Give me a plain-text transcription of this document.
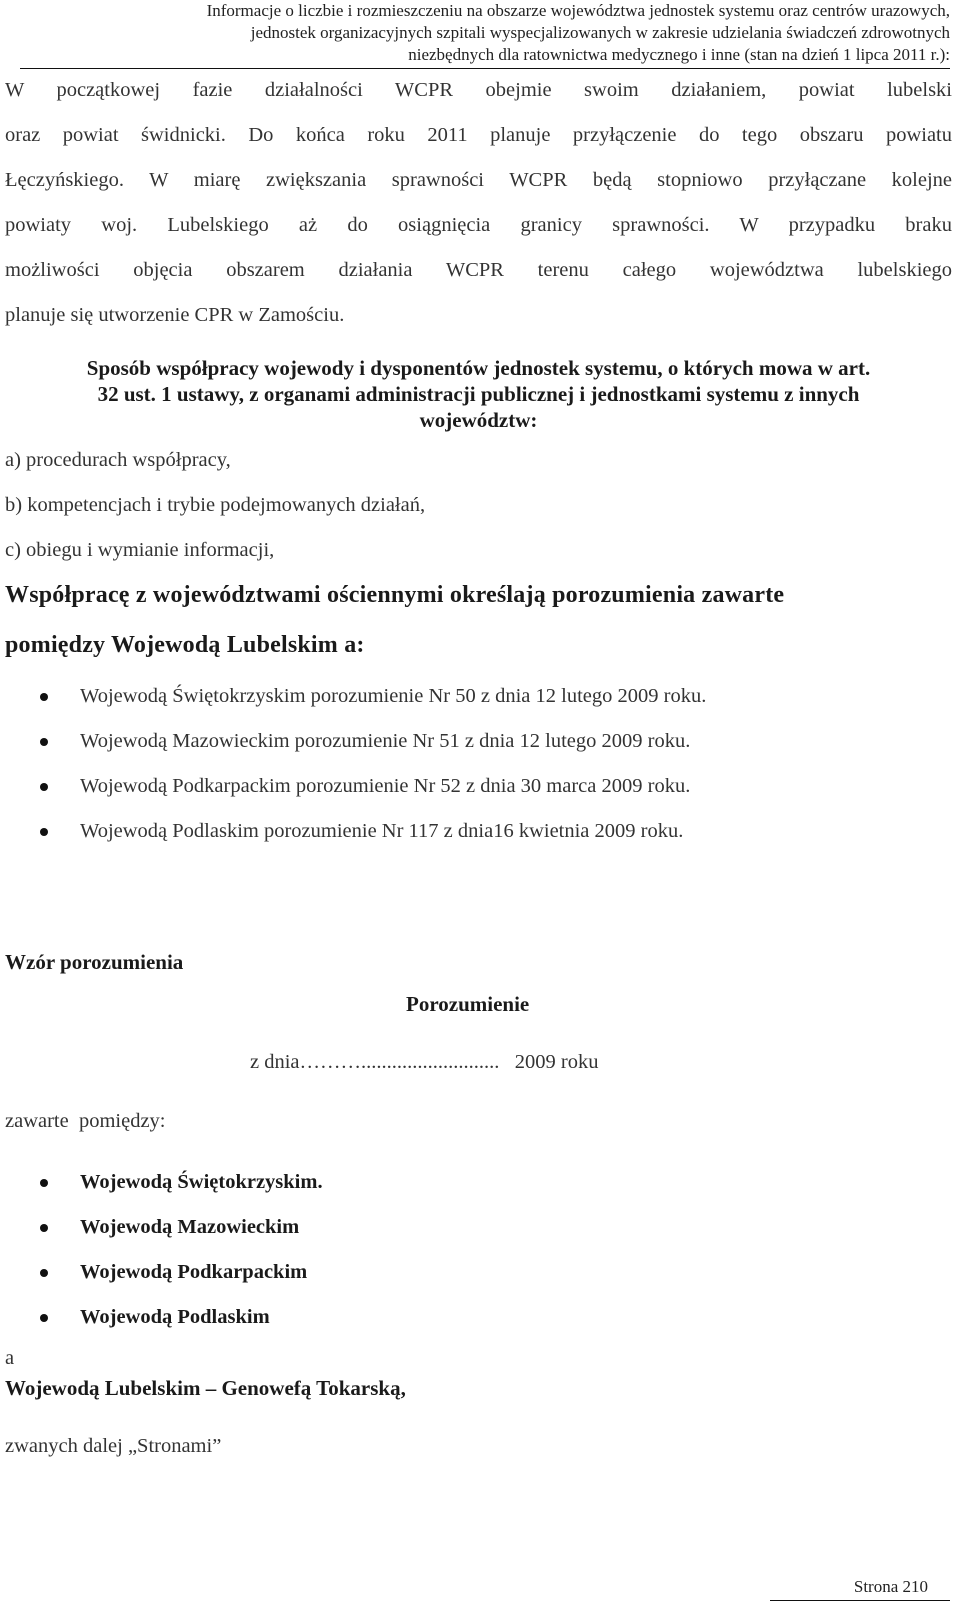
Informacje o liczbie i rozmieszczeniu na obszarze województwa jednostek systemu oraz centrów urazowych,
jednostek organizacyjnych szpitali wyspecjalizowanych w zakresie udzielania świadczeń zdrowotnych
niezbędnych dla ratownictwa medycznego i inne (stan na dzień 1 lipca 2011 r.):
W początkowej fazie działalności WCPR obejmie swoim działaniem, powiat lubelski
oraz powiat świdnicki. Do końca roku 2011 planuje przyłączenie do tego obszaru powiatu
Łęczyńskiego. W miarę zwiększania sprawności WCPR będą stopniowo przyłączane kolejne
powiaty woj. Lubelskiego aż do osiągnięcia granicy sprawności. W przypadku braku
możliwości objęcia obszarem działania WCPR terenu całego województwa lubelskiego
planuje się utworzenie CPR w Zamościu.
Sposób współpracy wojewody i dysponentów jednostek systemu, o których mowa w art.
32 ust. 1 ustawy, z organami administracji publicznej i jednostkami systemu z innych
województw:
a) procedurach współpracy,
b) kompetencjach i trybie podejmowanych działań,
c) obiegu i wymianie informacji,
Współpracę z województwami ościennymi określają porozumienia zawarte
pomiędzy Wojewodą Lubelskim a:
Wojewodą Świętokrzyskim porozumienie Nr 50 z dnia 12 lutego 2009 roku.
Wojewodą Mazowieckim porozumienie Nr 51 z dnia 12 lutego 2009 roku.
Wojewodą Podkarpackim porozumienie Nr 52 z dnia 30 marca 2009 roku.
Wojewodą Podlaskim porozumienie Nr 117 z dnia16 kwietnia 2009 roku.
Wzór porozumienia
Porozumienie
z dnia………...........................   2009 roku
zawarte  pomiędzy:
Wojewodą Świętokrzyskim.
Wojewodą Mazowieckim
Wojewodą Podkarpackim
Wojewodą Podlaskim
a
Wojewodą Lubelskim – Genowefą Tokarską,
zwanych dalej „Stronami”
Strona 210
